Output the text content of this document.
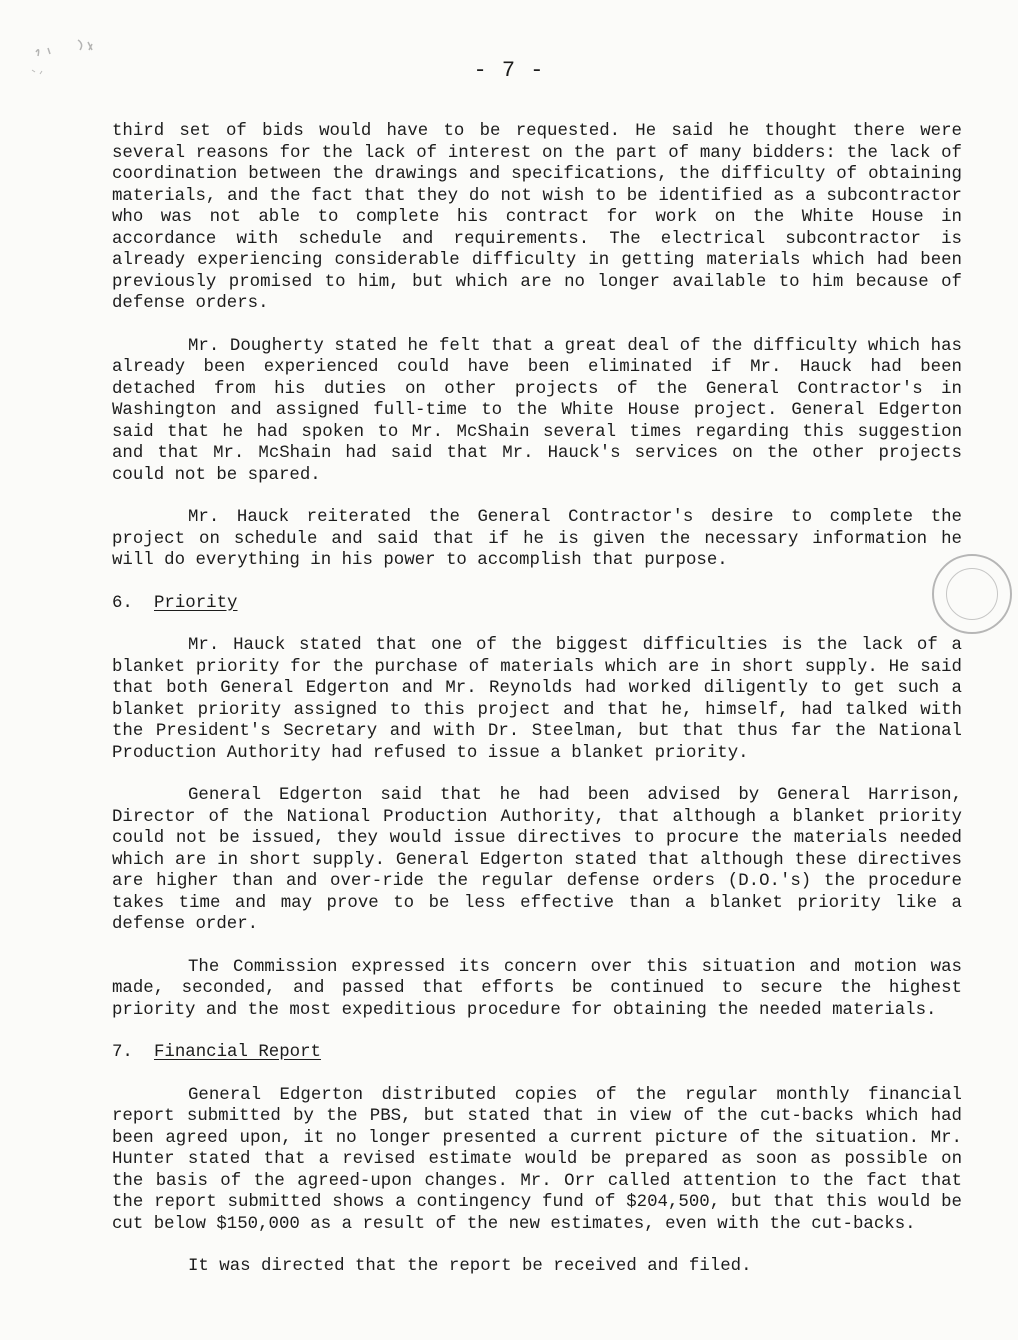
- 7 -

third set of bids would have to be requested. He said he thought there were several reasons for the lack of interest on the part of many bidders: the lack of coordination between the drawings and specifications, the difficulty of obtaining materials, and the fact that they do not wish to be identified as a subcontractor who was not able to complete his contract for work on the White House in accordance with schedule and requirements. The electrical subcontractor is already experiencing considerable difficulty in getting materials which had been previously promised to him, but which are no longer available to him because of defense orders.

Mr. Dougherty stated he felt that a great deal of the difficulty which has already been experienced could have been eliminated if Mr. Hauck had been detached from his duties on other projects of the General Contractor's in Washington and assigned full-time to the White House project. General Edgerton said that he had spoken to Mr. McShain several times regarding this suggestion and that Mr. McShain had said that Mr. Hauck's services on the other projects could not be spared.

Mr. Hauck reiterated the General Contractor's desire to complete the project on schedule and said that if he is given the necessary information he will do everything in his power to accomplish that purpose.

6. Priority

Mr. Hauck stated that one of the biggest difficulties is the lack of a blanket priority for the purchase of materials which are in short supply. He said that both General Edgerton and Mr. Reynolds had worked diligently to get such a blanket priority assigned to this project and that he, himself, had talked with the President's Secretary and with Dr. Steelman, but that thus far the National Production Authority had refused to issue a blanket priority.

General Edgerton said that he had been advised by General Harrison, Director of the National Production Authority, that although a blanket priority could not be issued, they would issue directives to procure the materials needed which are in short supply. General Edgerton stated that although these directives are higher than and over-ride the regular defense orders (D.O.'s) the procedure takes time and may prove to be less effective than a blanket priority like a defense order.

The Commission expressed its concern over this situation and motion was made, seconded, and passed that efforts be continued to secure the highest priority and the most expeditious procedure for obtaining the needed materials.

7. Financial Report

General Edgerton distributed copies of the regular monthly financial report submitted by the PBS, but stated that in view of the cut-backs which had been agreed upon, it no longer presented a current picture of the situation. Mr. Hunter stated that a revised estimate would be prepared as soon as possible on the basis of the agreed-upon changes. Mr. Orr called attention to the fact that the report submitted shows a contingency fund of $204,500, but that this would be cut below $150,000 as a result of the new estimates, even with the cut-backs.

It was directed that the report be received and filed.
